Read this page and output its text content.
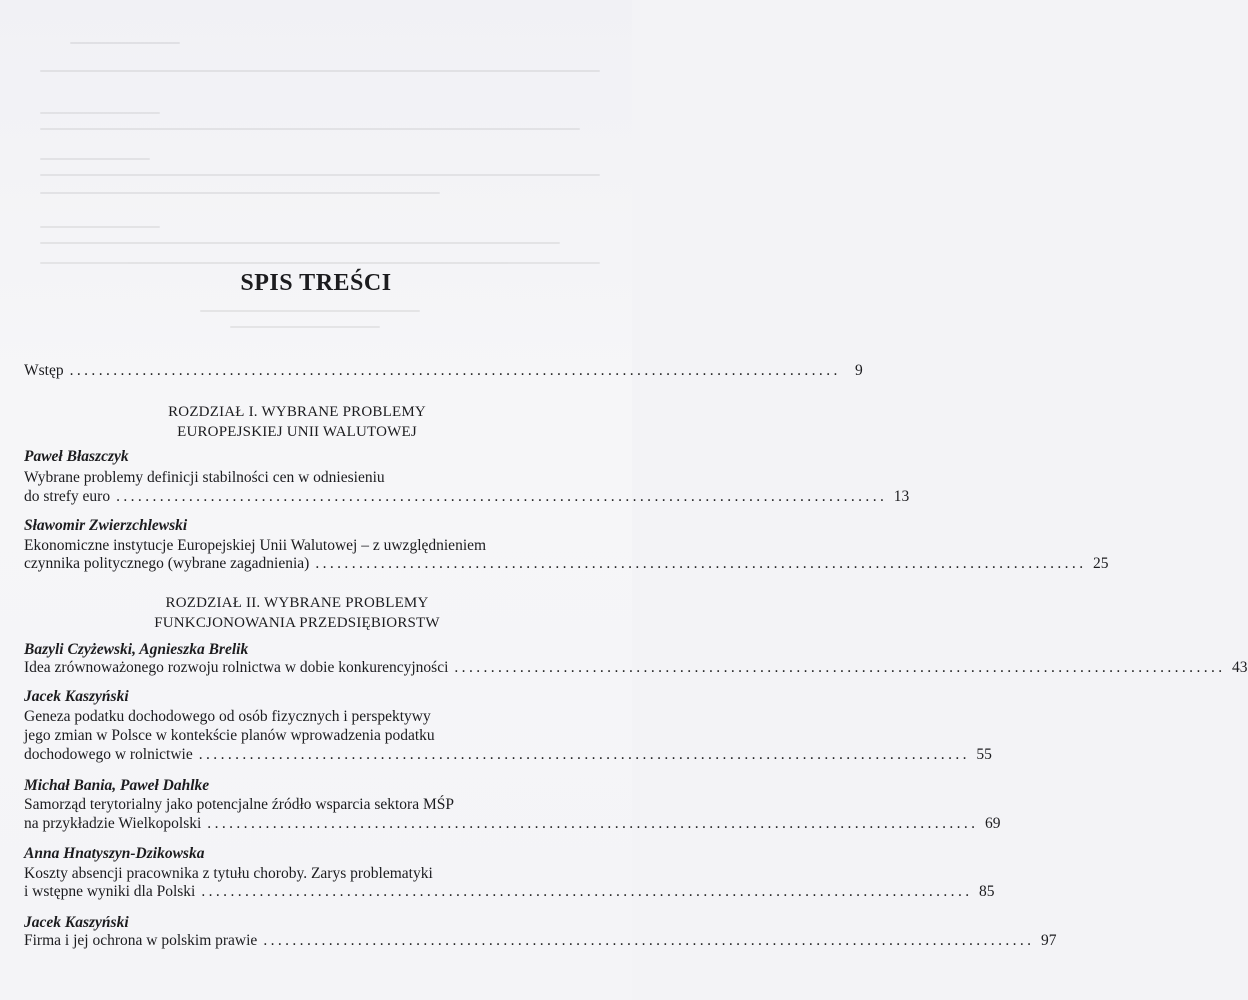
SPIS TREŚCI
Wstęp .......................................................................................................... 9
ROZDZIAŁ I. WYBRANE PROBLEMY
EUROPEJSKIEJ UNII WALUTOWEJ
Paweł Błaszczyk
Wybrane problemy definicji stabilności cen w odniesieniu
do strefy euro .......................................................................................................... 13
Sławomir Zwierzchlewski
Ekonomiczne instytucje Europejskiej Unii Walutowej – z uwzględnieniem
czynnika politycznego (wybrane zagadnienia) .......................................................................................................... 25
ROZDZIAŁ II. WYBRANE PROBLEMY
FUNKCJONOWANIA PRZEDSIĘBIORSTW
Bazyli Czyżewski, Agnieszka Brelik
Idea zrównoważonego rozwoju rolnictwa w dobie konkurencyjności .......................................................................................................... 43
Jacek Kaszyński
Geneza podatku dochodowego od osób fizycznych i perspektywy
jego zmian w Polsce w kontekście planów wprowadzenia podatku
dochodowego w rolnictwie .......................................................................................................... 55
Michał Bania, Paweł Dahlke
Samorząd terytorialny jako potencjalne źródło wsparcia sektora MŚP
na przykładzie Wielkopolski .......................................................................................................... 69
Anna Hnatyszyn-Dzikowska
Koszty absencji pracownika z tytułu choroby. Zarys problematyki
i wstępne wyniki dla Polski .......................................................................................................... 85
Jacek Kaszyński
Firma i jej ochrona w polskim prawie .......................................................................................................... 97
